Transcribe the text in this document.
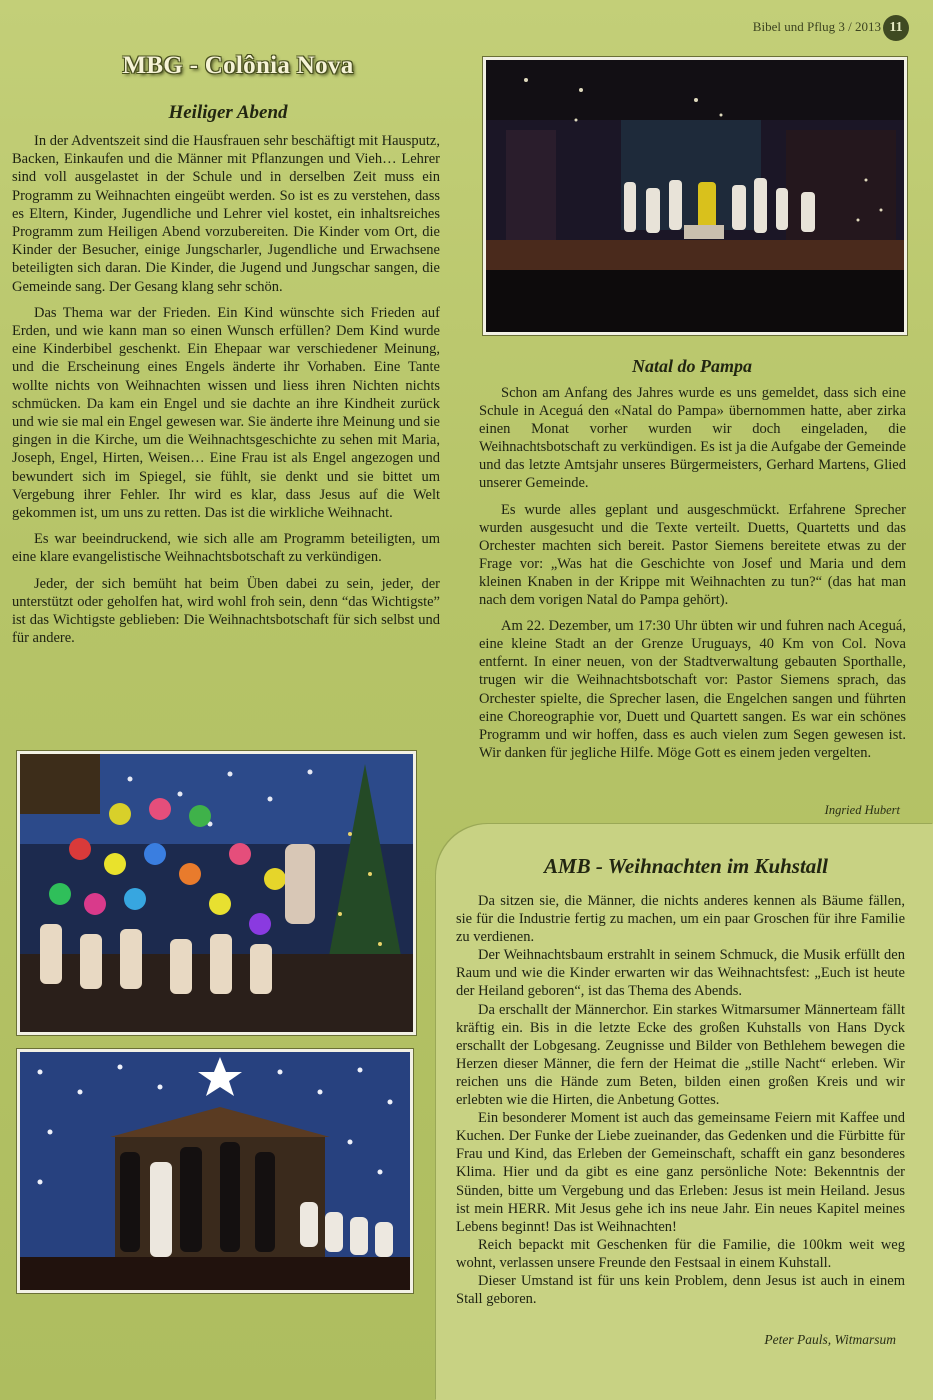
Bibel und Pflug 3 / 2013 11
MBG - Colônia Nova
Heiliger Abend

In der Adventszeit sind die Hausfrauen sehr beschäftigt mit Hausputz, Backen, Einkaufen und die Männer mit Pflanzungen und Vieh… Lehrer sind voll ausgelastet in der Schule und in derselben Zeit muss ein Programm zu Weihnachten eingeübt werden. So ist es zu verstehen, dass es Eltern, Kinder, Jugendliche und Lehrer viel kostet, ein inhaltsreiches Programm zum Heiligen Abend vorzubereiten. Die Kinder vom Ort, die Kinder der Besucher, einige Jungscharler, Jugendliche und Erwachsene beteiligten sich daran. Die Kinder, die Jugend und Jungschar sangen, die Gemeinde sang. Der Gesang klang sehr schön.

Das Thema war der Frieden. Ein Kind wünschte sich Frieden auf Erden, und wie kann man so einen Wunsch erfüllen? Dem Kind wurde eine Kinderbibel geschenkt. Ein Ehepaar war verschiedener Meinung, und die Erscheinung eines Engels änderte ihr Vorhaben. Eine Tante wollte nichts von Weihnachten wissen und liess ihren Nichten nichts schmücken. Da kam ein Engel und sie dachte an ihre Kindheit zurück und wie sie mal ein Engel gewesen war. Sie änderte ihre Meinung und sie gingen in die Kirche, um die Weihnachtsgeschichte zu sehen mit Maria, Joseph, Engel, Hirten, Weisen… Eine Frau ist als Engel angezogen und bewundert sich im Spiegel, sie fühlt, sie denkt und sie bittet um Vergebung ihrer Fehler. Ihr wird es klar, dass Jesus auf die Welt gekommen ist, um uns zu retten. Das ist die wirkliche Weihnacht.

Es war beeindruckend, wie sich alle am Programm beteiligten, um eine klare evangelistische Weihnachtsbotschaft zu verkündigen.

Jeder, der sich bemüht hat beim Üben dabei zu sein, jeder, der unterstützt oder geholfen hat, wird wohl froh sein, denn “das Wichtigste” ist das Wichtigste geblieben: Die Weihnachtsbotschaft für sich selbst und für andere.

Natal do Pampa

Schon am Anfang des Jahres wurde es uns gemeldet, dass sich eine Schule in Aceguá den «Natal do Pampa» übernommen hatte, aber zirka einen Monat vorher wurden wir doch eingeladen, die Weihnachtsbotschaft zu verkündigen. Es ist ja die Aufgabe der Gemeinde und das letzte Amtsjahr unseres Bürgermeisters, Gerhard Martens, Glied unserer Gemeinde.

Es wurde alles geplant und ausgeschmückt. Erfahrene Sprecher wurden ausgesucht und die Texte verteilt. Duetts, Quartetts und das Orchester machten sich bereit. Pastor Siemens bereitete etwas zu der Frage vor: „Was hat die Geschichte von Josef und Maria und dem kleinen Knaben in der Krippe mit Weihnachten zu tun?“ (das hat man nach dem vorigen Natal do Pampa gehört).

Am 22. Dezember, um 17:30 Uhr übten wir und fuhren nach Aceguá, eine kleine Stadt an der Grenze Uruguays, 40 Km von Col. Nova entfernt. In einer neuen, von der Stadtverwaltung gebauten Sporthalle, trugen wir die Weihnachtsbotschaft vor: Pastor Siemens sprach, das Orchester spielte, die Sprecher lasen, die Engelchen sangen und führten eine Choreographie vor, Duett und Quartett sangen. Es war ein schönes Programm und wir hoffen, dass es auch vielen zum Segen gewesen ist. Wir danken für jegliche Hilfe. Möge Gott es einem jeden vergelten.

Ingried Hubert
AMB - Weihnachten im Kuhstall

Da sitzen sie, die Männer, die nichts anderes kennen als Bäume fällen, sie für die Industrie fertig zu machen, um ein paar Groschen für ihre Familie zu verdienen.

Der Weihnachtsbaum erstrahlt in seinem Schmuck, die Musik erfüllt den Raum und wie die Kinder erwarten wir das Weihnachtsfest: „Euch ist heute der Heiland geboren“, ist das Thema des Abends.

Da erschallt der Männerchor. Ein starkes Witmarsumer Männerteam fällt kräftig ein. Bis in die letzte Ecke des großen Kuhstalls von Hans Dyck erschallt der Lobgesang. Zeugnisse und Bilder von Bethlehem bewegen die Herzen dieser Männer, die fern der Heimat die „stille Nacht“ erleben. Wir reichen uns die Hände zum Beten, bilden einen großen Kreis und wir erlebten wie die Hirten, die Anbetung Gottes.

Ein besonderer Moment ist auch das gemeinsame Feiern mit Kaffee und Kuchen. Der Funke der Liebe zueinander, das Gedenken und die Fürbitte für Frau und Kind, das Erleben der Gemeinschaft, schafft ein ganz besonderes Klima. Hier und da gibt es eine ganz persönliche Note: Bekenntnis der Sünden, bitte um Vergebung und das Erleben: Jesus ist mein Heiland. Jesus ist mein HERR. Mit Jesus gehe ich ins neue Jahr. Ein neues Kapitel meines Lebens beginnt! Das ist Weihnachten!

Reich bepackt mit Geschenken für die Familie, die 100km weit weg wohnt, verlassen unsere Freunde den Festsaal in einem Kuhstall.

Dieser Umstand ist für uns kein Problem, denn Jesus ist auch in einem Stall geboren.

Peter Pauls, Witmarsum
